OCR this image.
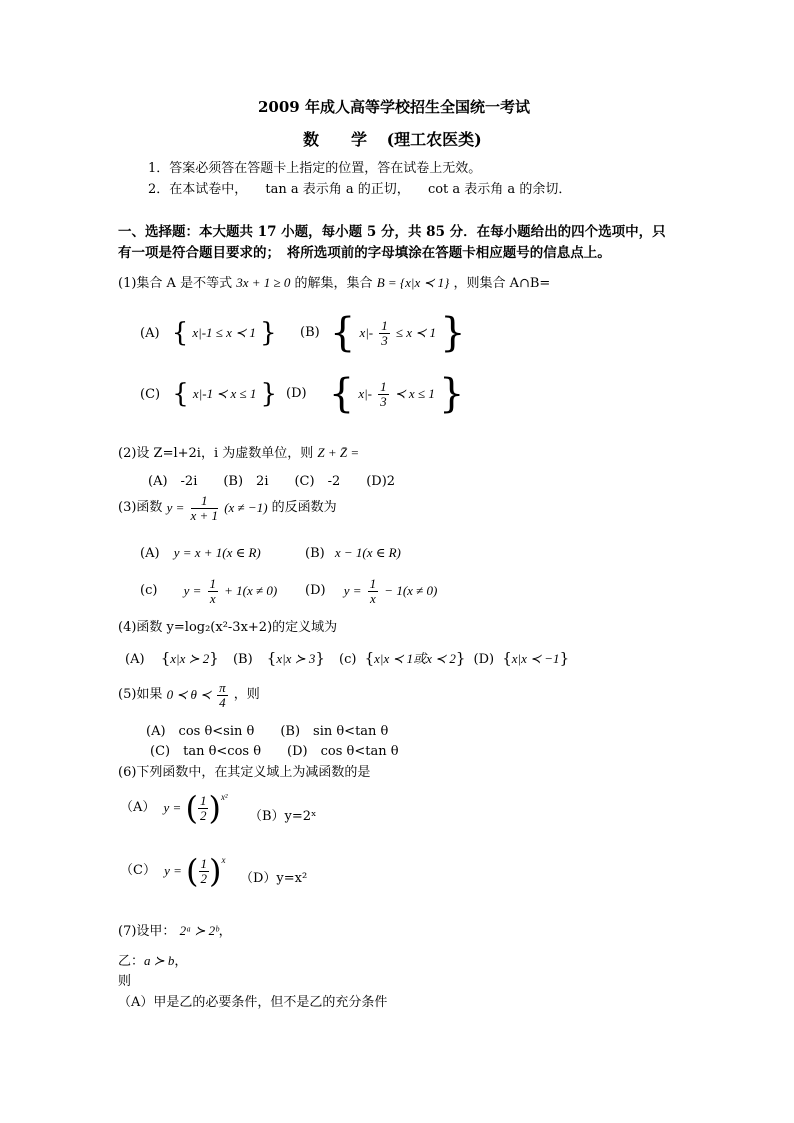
2009 年成人高等学校招生全国统一考试
数　　学 (理工农医类)
1．答案必须答在答题卡上指定的位置，答在试卷上无效。
2．在本试卷中， tan a 表示角 a 的正切， cot a 表示角 a 的余切．
一、选择题：本大题共 17 小题，每小题 5 分，共 85 分．在每小题给出的四个选项中，只
有一项是符合题目要求的；　将所选项前的字母填涂在答题卡相应题号的信息点上。
(1)集合 A 是不等式 3x + 1 ≥ 0 的解集，集合 B = {x|x ≺ 1} ，则集合 A∩B=
(A) { x|-1 ≤ x ≺ 1 } (B) { $x|- \frac{1}{3} \le x$ ≺ 1 }
(C) { x|-1 ≺ x ≤ 1 } (D) { $x|- \frac{1}{3}$ ≺ x ≤ 1 }
(2)设 Z=l+2i，i 为虚数单位，则 Z + Z̄ =
(A)　-2i　　(B)　2i　　(C)　-2　　(D)2
(3)函数 $y = \frac{1}{x + 1} (x \ne -1)$ 的反函数为
(A) y = x + 1(x ∈ R)	(B) x − 1(x ∈ R)
(c) $y = \frac{1}{x} + 1(x \ne 0)$ (D) $y = \frac{1}{x} - 1(x \ne 0)$
(4)函数 y=log₂(x²-3x+2)的定义域为
(A) {x|x ≻ 2} (B) {x|x ≻ 3} (c) {x|x ≺ 1或x ≺ 2} (D) {x|x ≺ −1}
(5)如果 0 ≺ θ ≺ $\frac{\pi}{4}$ ，则
(A)　cos θ<sin θ　　(B)　sin θ<tan θ
(C)　tan θ<cos θ　　(D)　cos θ<tan θ
(6)下列函数中，在其定义域上为减函数的是
（A） y = ( $\frac{1}{2} )^{x^2}$
（B）y=2ˣ
（C） y = ( $\frac{1}{2} )^x$
（D）y=x²
(7)设甲： 2ᵃ ≻ 2ᵇ，
乙：a ≻ b，
则
（A）甲是乙的必要条件，但不是乙的充分条件
